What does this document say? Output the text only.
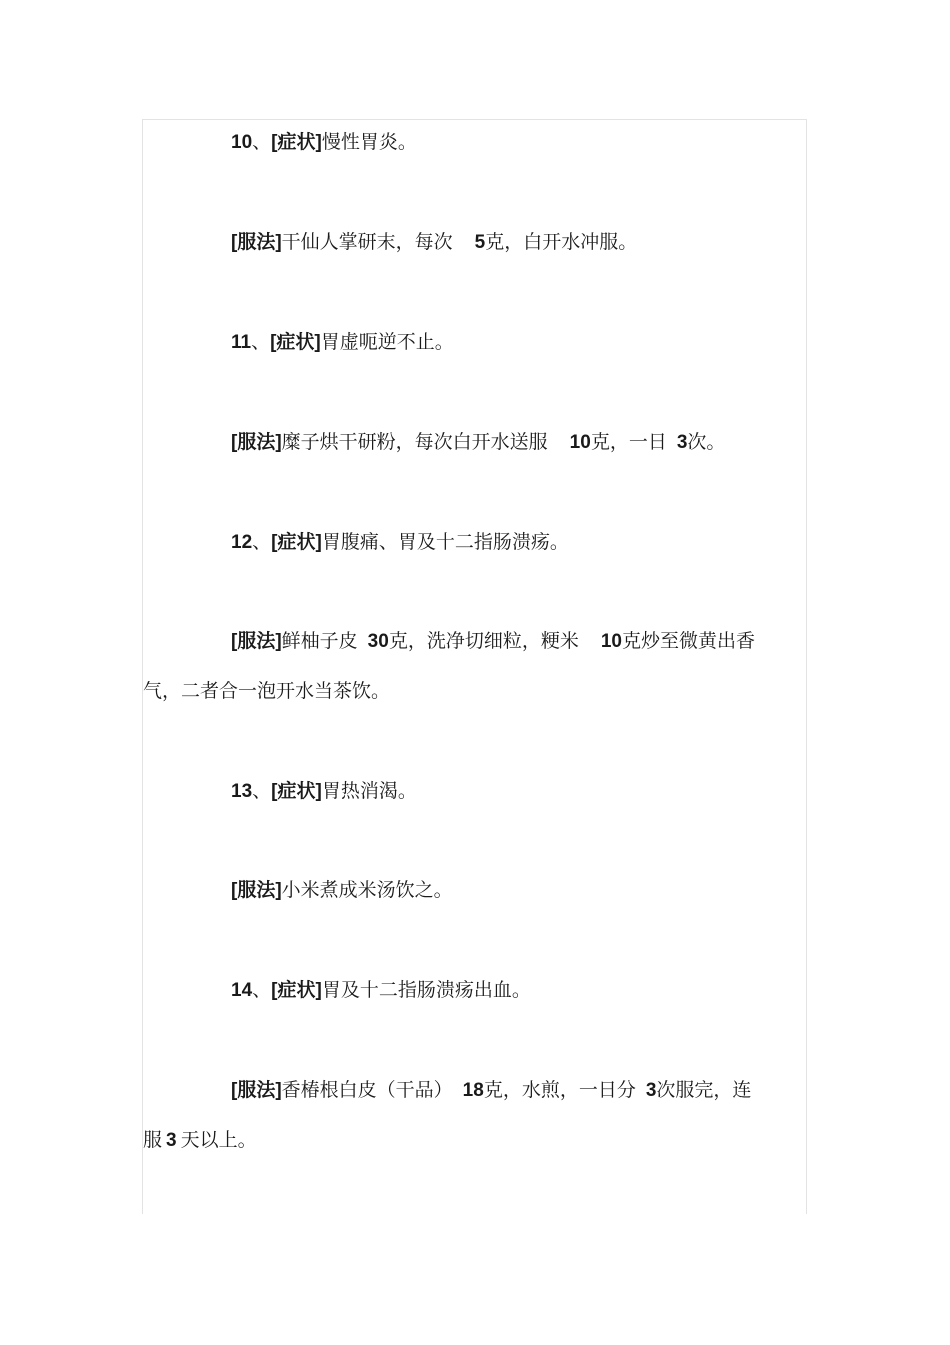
10、[症状]慢性胃炎。
[服法]干仙人掌研末，每次 5克，白开水冲服。
11、[症状]胃虚呃逆不止。
[服法]糜子烘干研粉，每次白开水送服 10克，一日 3次。
12、[症状]胃腹痛、胃及十二指肠溃疡。
[服法]鲜柚子皮 30克，洗净切细粒，粳米 10克炒至微黄出香
气，二者合一泡开水当茶饮。
13、[症状]胃热消渴。
[服法]小米煮成米汤饮之。
14、[症状]胃及十二指肠溃疡出血。
[服法]香椿根白皮（干品） 18克，水煎，一日分 3次服完，连
服 3 天以上。
